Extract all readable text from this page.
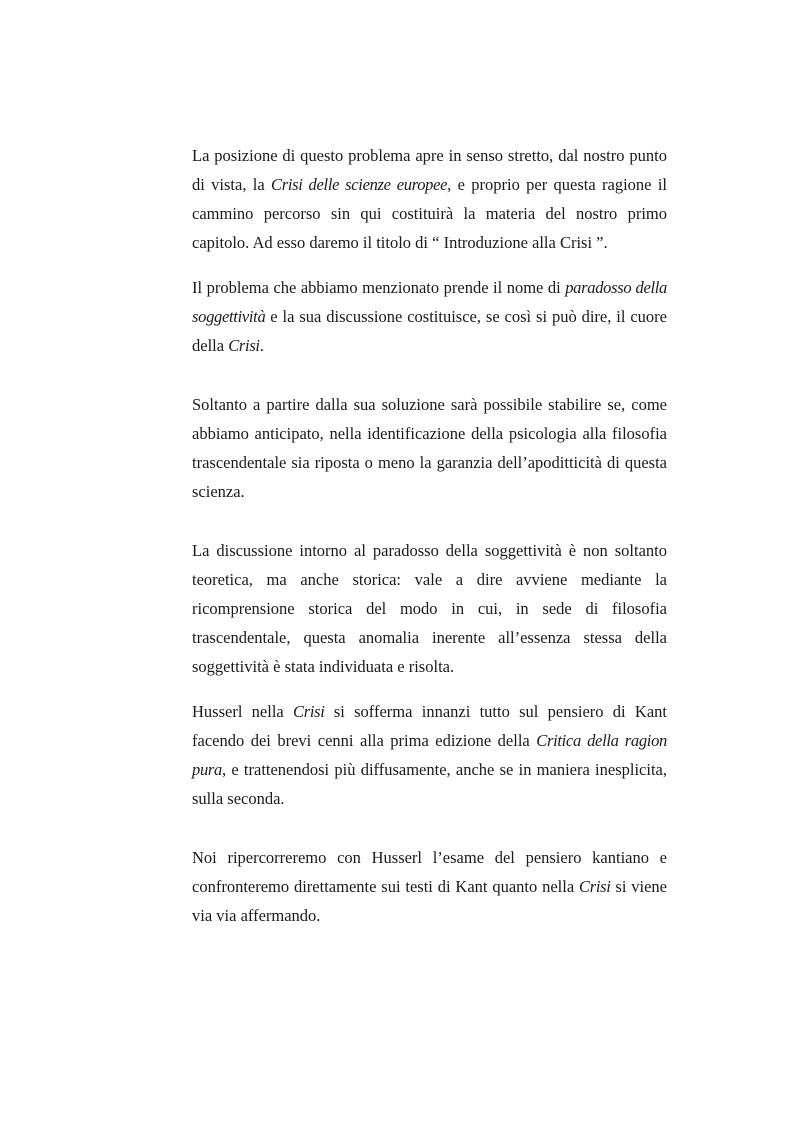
La posizione di questo problema apre in senso stretto, dal nostro punto di vista, la Crisi delle scienze europee, e proprio per questa ragione il cammino percorso sin qui costituirà la materia del nostro primo capitolo. Ad esso daremo il titolo di “ Introduzione alla Crisi ”.

Il problema che abbiamo menzionato prende il nome di paradosso della soggettività e la sua discussione costituisce, se così si può dire, il cuore della Crisi.

Soltanto a partire dalla sua soluzione sarà possibile stabilire se, come abbiamo anticipato, nella identificazione della psicologia alla filosofia trascendentale sia riposta o meno la garanzia dell’apoditticità di questa scienza.

La discussione intorno al paradosso della soggettività è non soltanto teoretica, ma anche storica: vale a dire avviene mediante la ricomprensione storica del modo in cui, in sede di filosofia trascendentale, questa anomalia inerente all’essenza stessa della soggettività è stata individuata e risolta.

Husserl nella Crisi si sofferma innanzi tutto sul pensiero di Kant facendo dei brevi cenni alla prima edizione della Critica della ragion pura, e trattenendosi più diffusamente, anche se in maniera inesplicita, sulla seconda.

Noi ripercorreremo con Husserl l’esame del pensiero kantiano e confronteremo direttamente sui testi di Kant quanto nella Crisi si viene via via affermando.
